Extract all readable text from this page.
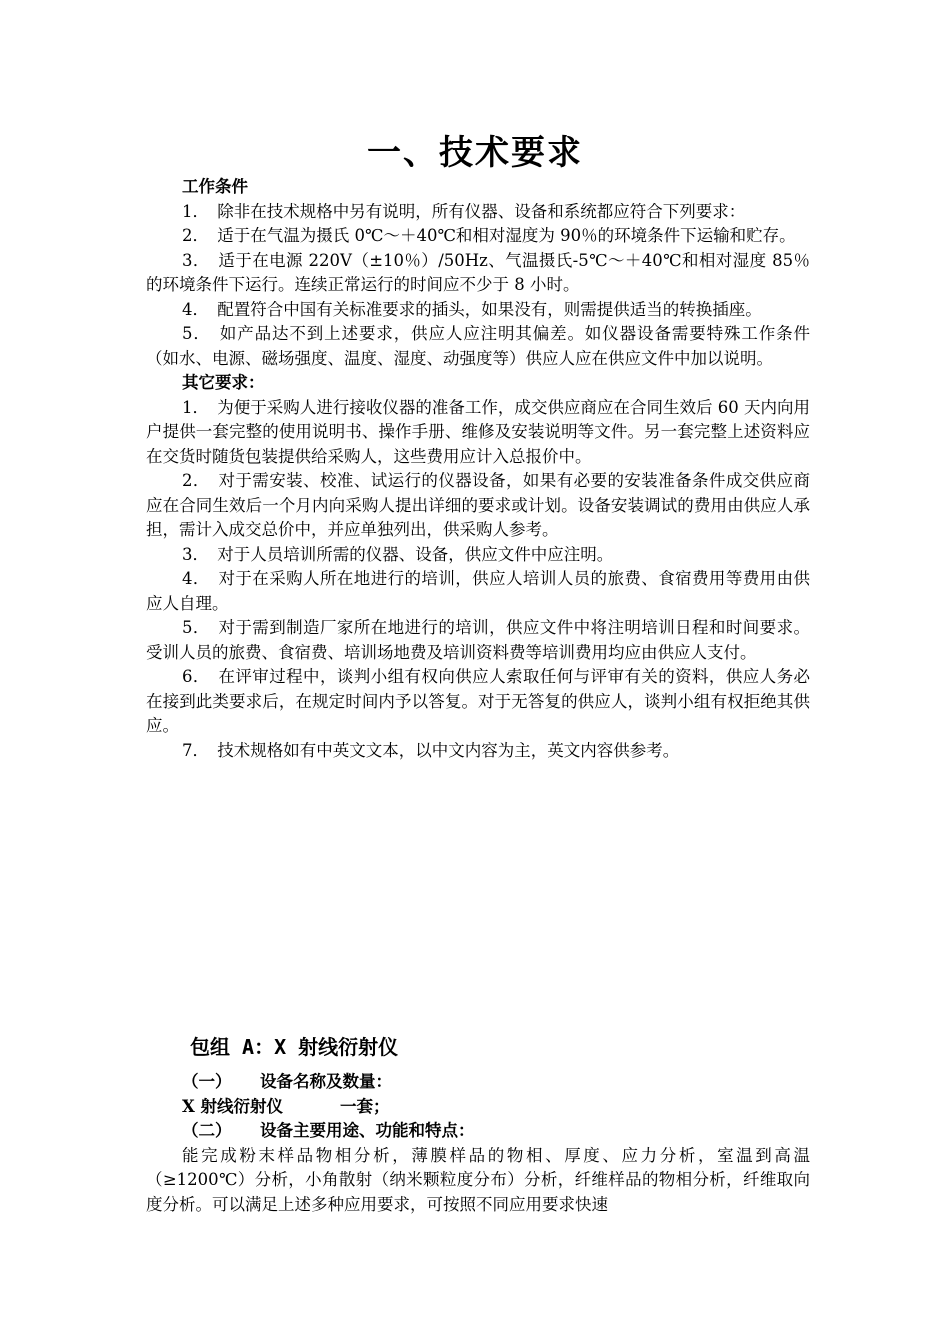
一、技术要求

工作条件

1．　除非在技术规格中另有说明，所有仪器、设备和系统都应符合下列要求：

2．　适于在气温为摄氏 0℃～＋40℃和相对湿度为 90％的环境条件下运输和贮存。

3．　适于在电源 220V（±10％）/50Hz、气温摄氏-5℃～＋40℃和相对湿度 85％的环境条件下运行。连续正常运行的时间应不少于 8 小时。

4．　配置符合中国有关标准要求的插头，如果没有，则需提供适当的转换插座。

5．　如产品达不到上述要求，供应人应注明其偏差。如仪器设备需要特殊工作条件（如水、电源、磁场强度、温度、湿度、动强度等）供应人应在供应文件中加以说明。

其它要求：

1．　为便于采购人进行接收仪器的准备工作，成交供应商应在合同生效后 60 天内向用户提供一套完整的使用说明书、操作手册、维修及安装说明等文件。另一套完整上述资料应在交货时随货包装提供给采购人，这些费用应计入总报价中。

2．　对于需安装、校准、试运行的仪器设备，如果有必要的安装准备条件成交供应商应在合同生效后一个月内向采购人提出详细的要求或计划。设备安装调试的费用由供应人承担，需计入成交总价中，并应单独列出，供采购人参考。

3．　对于人员培训所需的仪器、设备，供应文件中应注明。

4．　对于在采购人所在地进行的培训，供应人培训人员的旅费、食宿费用等费用由供应人自理。

5．　对于需到制造厂家所在地进行的培训，供应文件中将注明培训日程和时间要求。受训人员的旅费、食宿费、培训场地费及培训资料费等培训费用均应由供应人支付。

6．　在评审过程中，谈判小组有权向供应人索取任何与评审有关的资料，供应人务必在接到此类要求后，在规定时间内予以答复。对于无答复的供应人，谈判小组有权拒绝其供应。

7．　技术规格如有中英文文本，以中文内容为主，英文内容供参考。

包组 A：X 射线衍射仪

（一） 设备名称及数量：

X 射线衍射仪	一套；

（二） 设备主要用途、功能和特点：

能完成粉末样品物相分析，薄膜样品的物相、厚度、应力分析，室温到高温（≥1200℃）分析，小角散射（纳米颗粒度分布）分析，纤维样品的物相分析，纤维取向度分析。可以满足上述多种应用要求，可按照不同应用要求快速
